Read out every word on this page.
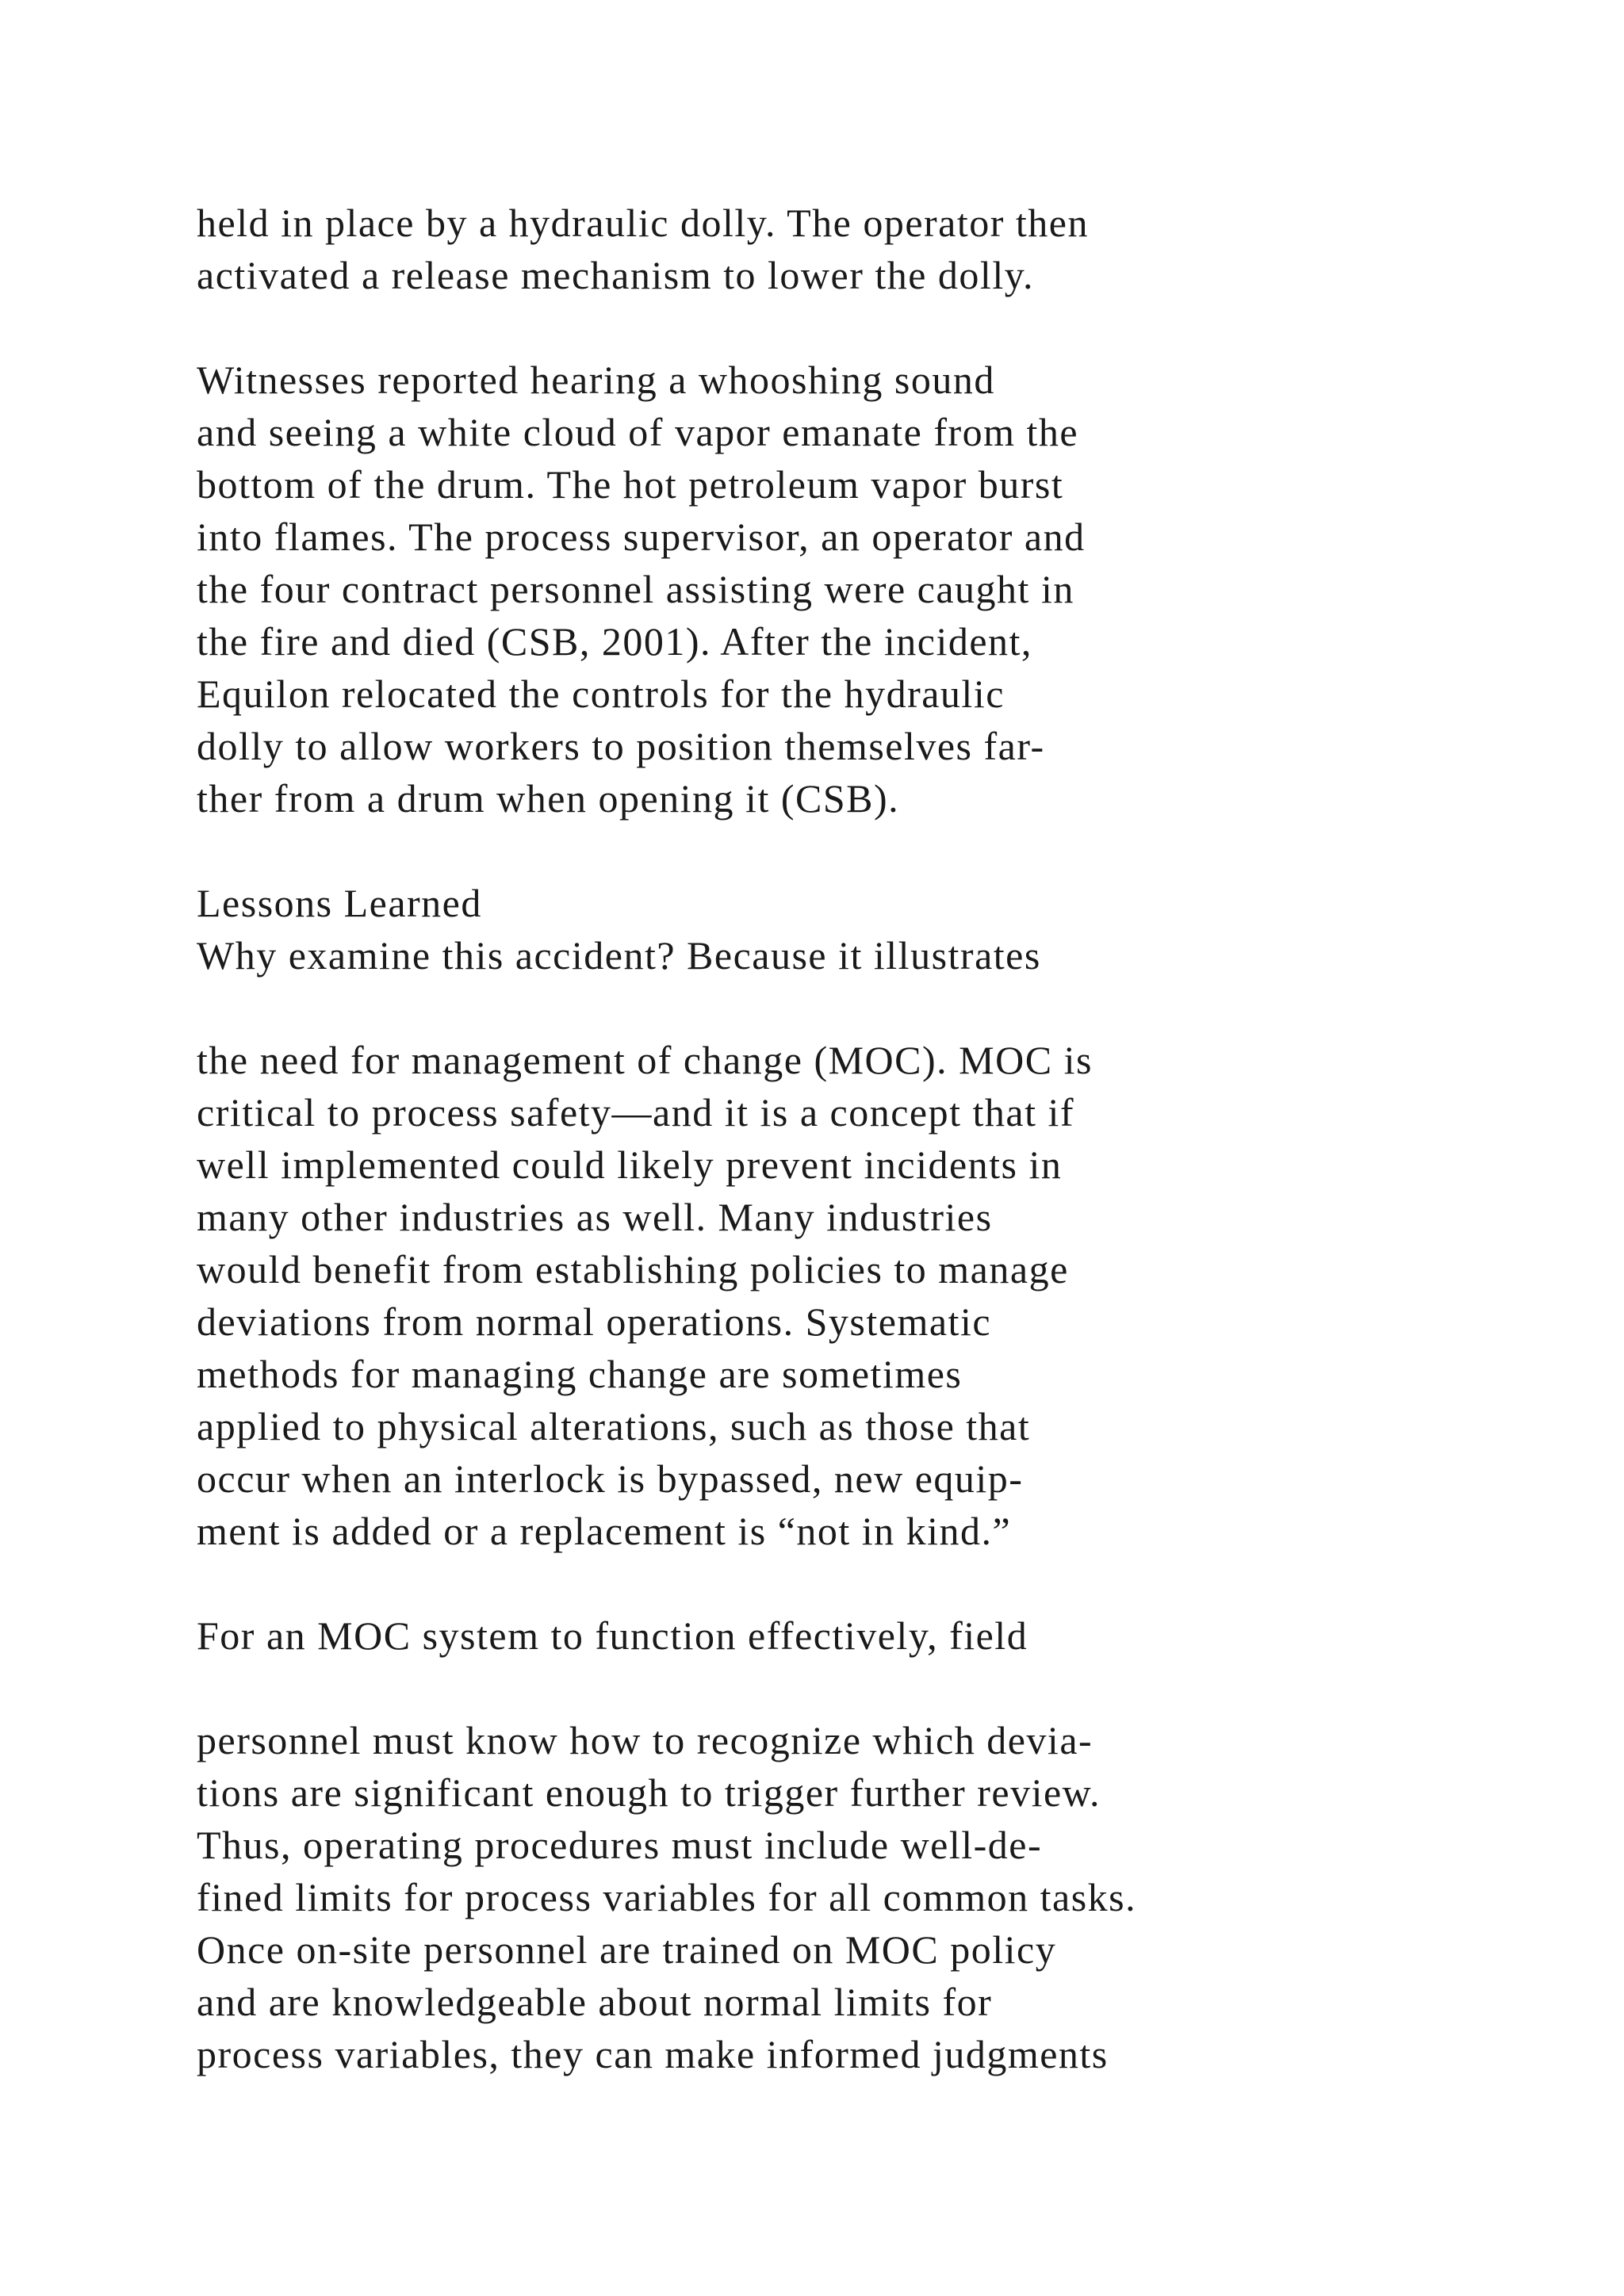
held in place by a hydraulic dolly. The operator then
activated a release mechanism to lower the dolly.
Witnesses reported hearing a whooshing sound
and seeing a white cloud of vapor emanate from the
bottom of the drum. The hot petroleum vapor burst
into flames. The process supervisor, an operator and
the four contract personnel assisting were caught in
the fire and died (CSB, 2001). After the incident,
Equilon relocated the controls for the hydraulic
dolly to allow workers to position themselves far-
ther from a drum when opening it (CSB).
Lessons Learned
Why examine this accident? Because it illustrates
the need for management of change (MOC). MOC is
critical to process safety—and it is a concept that if
well implemented could likely prevent incidents in
many other industries as well. Many industries
would benefit from establishing policies to manage
deviations from normal operations. Systematic
methods for managing change are sometimes
applied to physical alterations, such as those that
occur when an interlock is bypassed, new equip-
ment is added or a replacement is “not in kind.”
For an MOC system to function effectively, field
personnel must know how to recognize which devia-
tions are significant enough to trigger further review.
Thus, operating procedures must include well-de-
fined limits for process variables for all common tasks.
Once on-site personnel are trained on MOC policy
and are knowledgeable about normal limits for
process variables, they can make informed judgments
